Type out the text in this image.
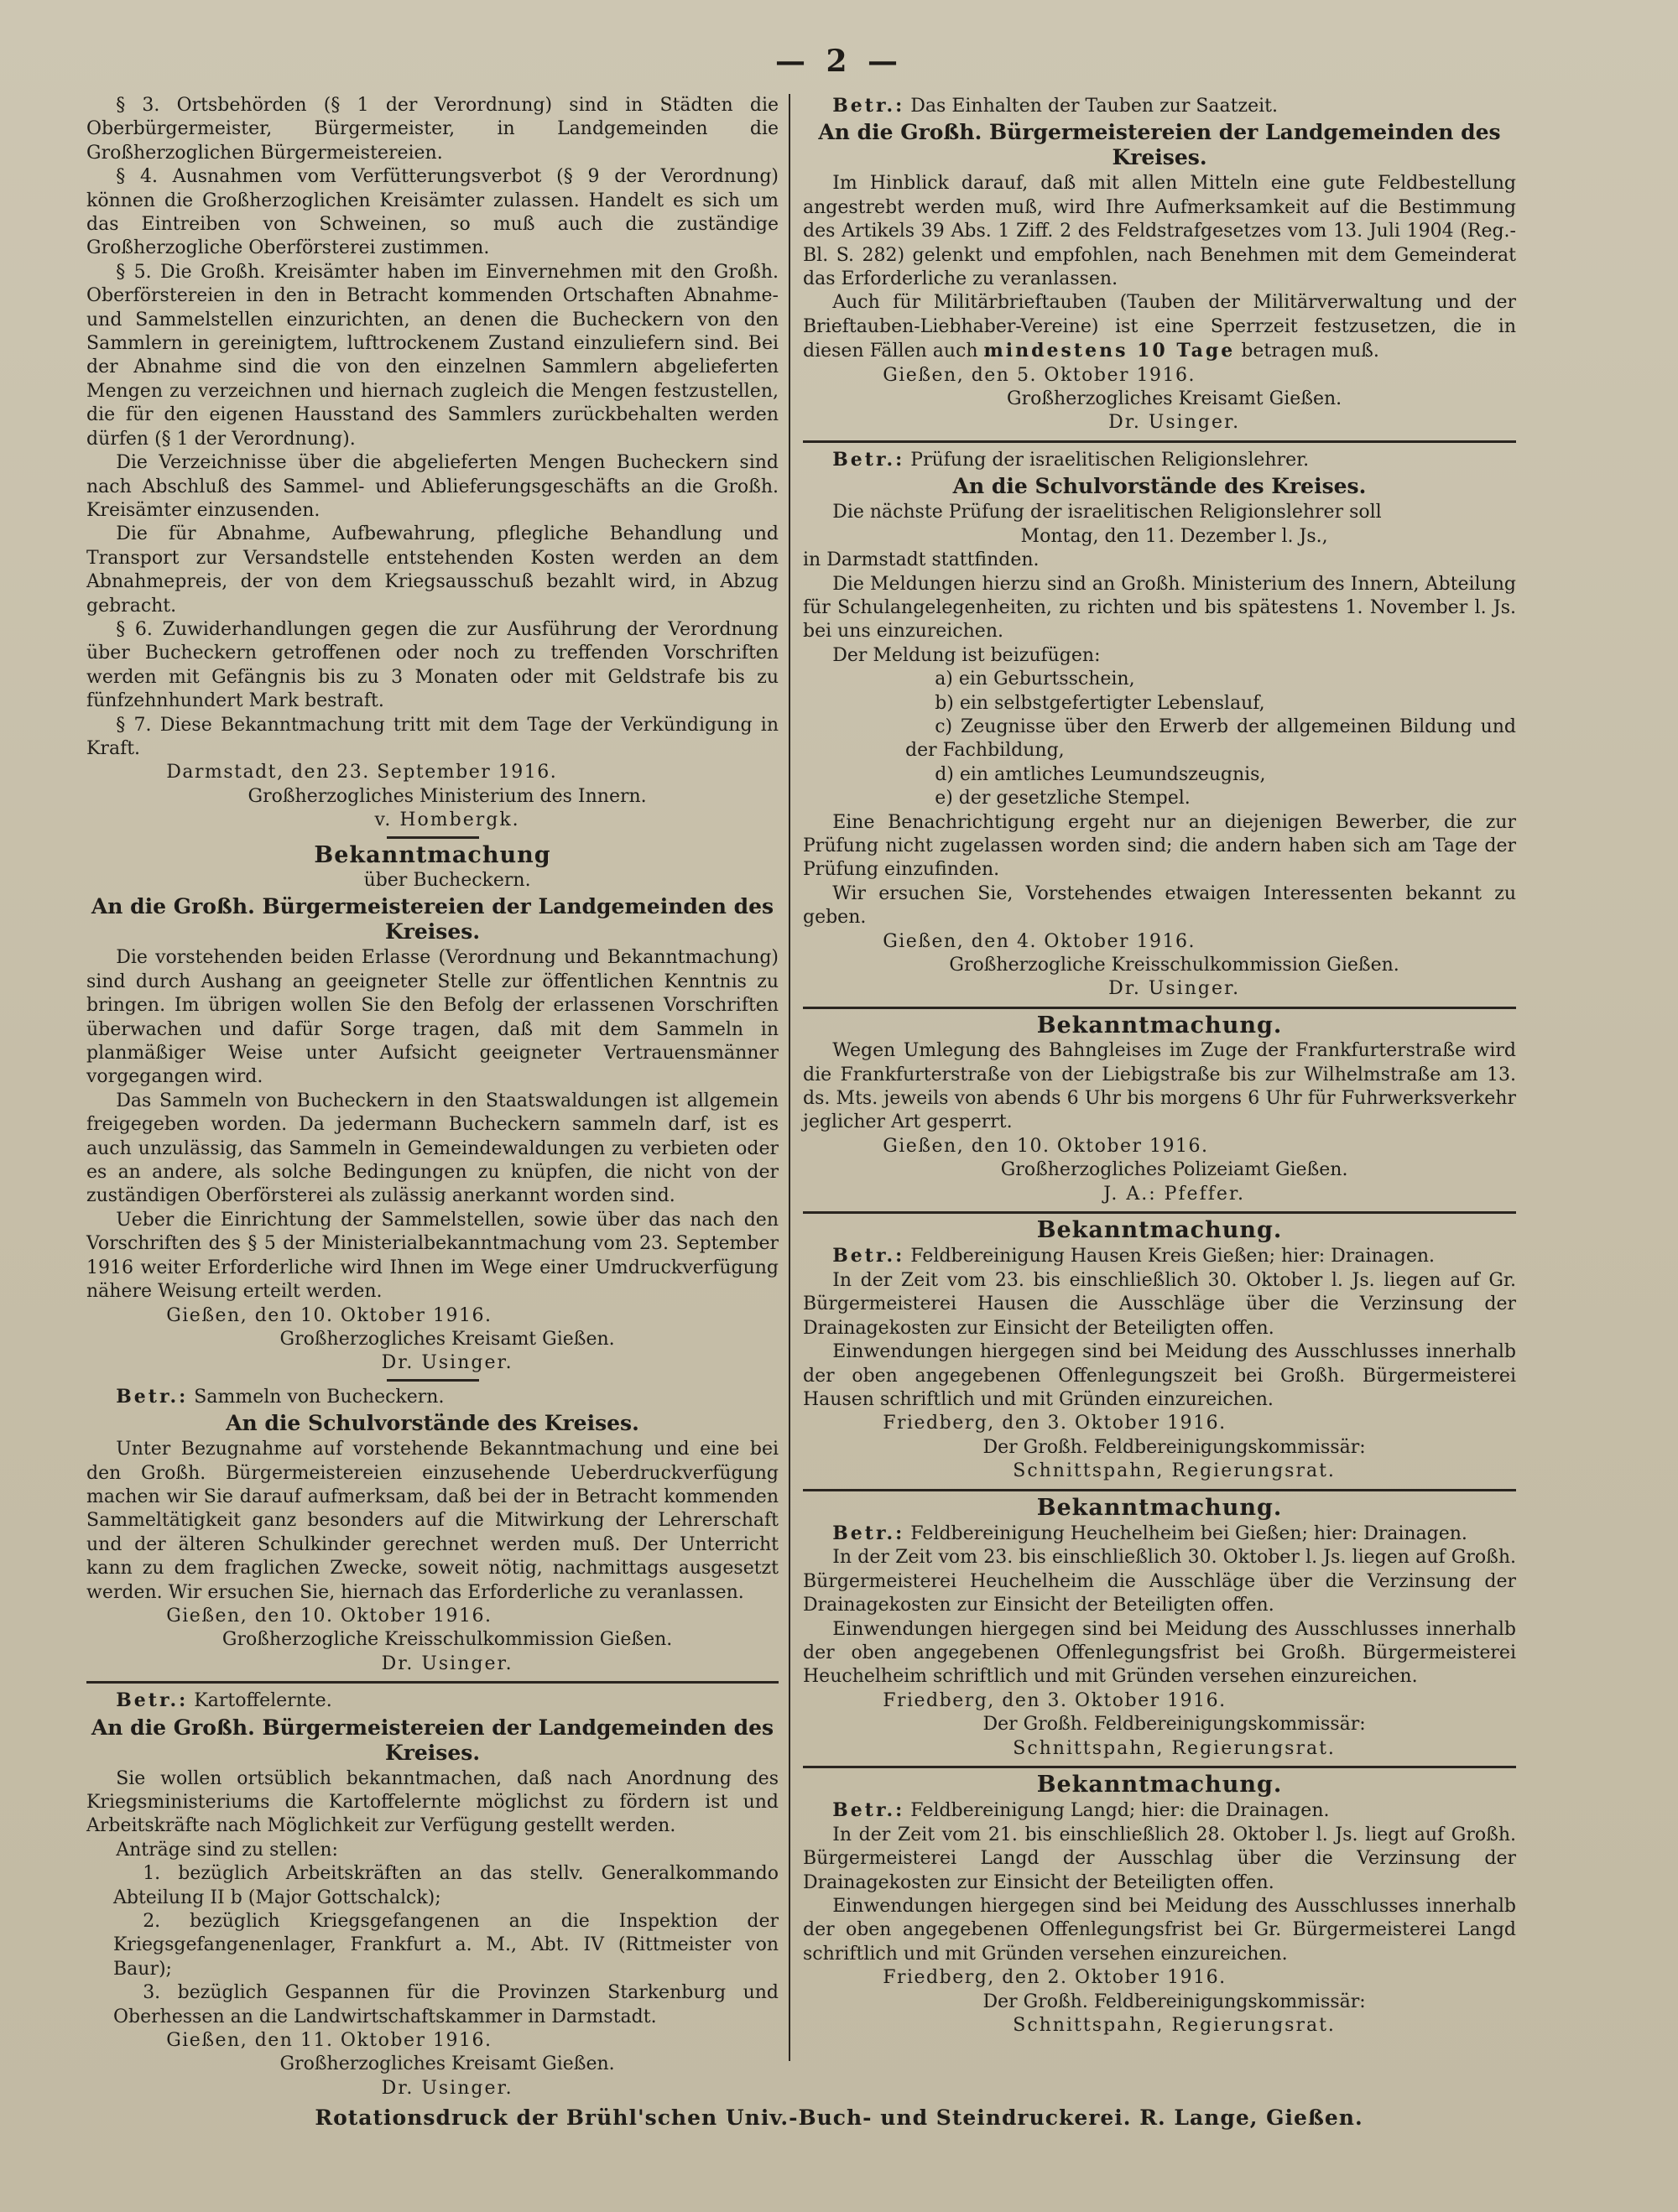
— 2 —

§ 3. Ortsbehörden (§ 1 der Verordnung) sind in Städten die Oberbürgermeister, Bürgermeister, in Landgemeinden die Großherzoglichen Bürgermeistereien.

§ 4. Ausnahmen vom Verfütterungsverbot (§ 9 der Verordnung) können die Großherzoglichen Kreisämter zulassen. Handelt es sich um das Eintreiben von Schweinen, so muß auch die zuständige Großherzogliche Oberförsterei zustimmen.

§ 5. Die Großh. Kreisämter haben im Einvernehmen mit den Großh. Oberförstereien in den in Betracht kommenden Ortschaften Abnahme- und Sammelstellen einzurichten, an denen die Bucheckern von den Sammlern in gereinigtem, lufttrockenem Zustand einzuliefern sind. Bei der Abnahme sind die von den einzelnen Sammlern abgelieferten Mengen zu verzeichnen und hiernach zugleich die Mengen festzustellen, die für den eigenen Hausstand des Sammlers zurückbehalten werden dürfen (§ 1 der Verordnung).

Die Verzeichnisse über die abgelieferten Mengen Bucheckern sind nach Abschluß des Sammel- und Ablieferungsgeschäfts an die Großh. Kreisämter einzusenden.

Die für Abnahme, Aufbewahrung, pflegliche Behandlung und Transport zur Versandstelle entstehenden Kosten werden an dem Abnahmepreis, der von dem Kriegsausschuß bezahlt wird, in Abzug gebracht.

§ 6. Zuwiderhandlungen gegen die zur Ausführung der Verordnung über Bucheckern getroffenen oder noch zu treffenden Vorschriften werden mit Gefängnis bis zu 3 Monaten oder mit Geldstrafe bis zu fünfzehnhundert Mark bestraft.

§ 7. Diese Bekanntmachung tritt mit dem Tage der Verkündigung in Kraft.

Darmstadt, den 23. September 1916.

Großherzogliches Ministerium des Innern.

v. Hombergk.

Bekanntmachung

über Bucheckern.

An die Großh. Bürgermeistereien der Landgemeinden des Kreises.

Die vorstehenden beiden Erlasse (Verordnung und Bekanntmachung) sind durch Aushang an geeigneter Stelle zur öffentlichen Kenntnis zu bringen. Im übrigen wollen Sie den Befolg der erlassenen Vorschriften überwachen und dafür Sorge tragen, daß mit dem Sammeln in planmäßiger Weise unter Aufsicht geeigneter Vertrauensmänner vorgegangen wird.

Das Sammeln von Bucheckern in den Staatswaldungen ist allgemein freigegeben worden. Da jedermann Bucheckern sammeln darf, ist es auch unzulässig, das Sammeln in Gemeindewaldungen zu verbieten oder es an andere, als solche Bedingungen zu knüpfen, die nicht von der zuständigen Oberförsterei als zulässig anerkannt worden sind.

Ueber die Einrichtung der Sammelstellen, sowie über das nach den Vorschriften des § 5 der Ministerialbekanntmachung vom 23. September 1916 weiter Erforderliche wird Ihnen im Wege einer Umdruckverfügung nähere Weisung erteilt werden.

Gießen, den 10. Oktober 1916.

Großherzogliches Kreisamt Gießen.

Dr. Usinger.

Betr.: Sammeln von Bucheckern.

An die Schulvorstände des Kreises.

Unter Bezugnahme auf vorstehende Bekanntmachung und eine bei den Großh. Bürgermeistereien einzusehende Ueberdruckverfügung machen wir Sie darauf aufmerksam, daß bei der in Betracht kommenden Sammeltätigkeit ganz besonders auf die Mitwirkung der Lehrerschaft und der älteren Schulkinder gerechnet werden muß. Der Unterricht kann zu dem fraglichen Zwecke, soweit nötig, nachmittags ausgesetzt werden. Wir ersuchen Sie, hiernach das Erforderliche zu veranlassen.

Gießen, den 10. Oktober 1916.

Großherzogliche Kreisschulkommission Gießen.

Dr. Usinger.

Betr.: Kartoffelernte.

An die Großh. Bürgermeistereien der Landgemeinden des Kreises.

Sie wollen ortsüblich bekanntmachen, daß nach Anordnung des Kriegsministeriums die Kartoffelernte möglichst zu fördern ist und Arbeitskräfte nach Möglichkeit zur Verfügung gestellt werden.

Anträge sind zu stellen:

1. bezüglich Arbeitskräften an das stellv. Generalkommando Abteilung II b (Major Gottschalck);

2. bezüglich Kriegsgefangenen an die Inspektion der Kriegsgefangenenlager, Frankfurt a. M., Abt. IV (Rittmeister von Baur);

3. bezüglich Gespannen für die Provinzen Starkenburg und Oberhessen an die Landwirtschaftskammer in Darmstadt.

Gießen, den 11. Oktober 1916.

Großherzogliches Kreisamt Gießen.

Dr. Usinger.

Betr.: Das Einhalten der Tauben zur Saatzeit.

An die Großh. Bürgermeistereien der Landgemeinden des Kreises.

Im Hinblick darauf, daß mit allen Mitteln eine gute Feldbestellung angestrebt werden muß, wird Ihre Aufmerksamkeit auf die Bestimmung des Artikels 39 Abs. 1 Ziff. 2 des Feldstrafgesetzes vom 13. Juli 1904 (Reg.-Bl. S. 282) gelenkt und empfohlen, nach Benehmen mit dem Gemeinderat das Erforderliche zu veranlassen.

Auch für Militärbrieftauben (Tauben der Militärverwaltung und der Brieftauben-Liebhaber-Vereine) ist eine Sperrzeit festzusetzen, die in diesen Fällen auch mindestens 10 Tage betragen muß.

Gießen, den 5. Oktober 1916.

Großherzogliches Kreisamt Gießen.

Dr. Usinger.

Betr.: Prüfung der israelitischen Religionslehrer.

An die Schulvorstände des Kreises.

Die nächste Prüfung der israelitischen Religionslehrer soll

Montag, den 11. Dezember l. Js.,

in Darmstadt stattfinden.

Die Meldungen hierzu sind an Großh. Ministerium des Innern, Abteilung für Schulangelegenheiten, zu richten und bis spätestens 1. November l. Js. bei uns einzureichen.

Der Meldung ist beizufügen:

a) ein Geburtsschein,

b) ein selbstgefertigter Lebenslauf,

c) Zeugnisse über den Erwerb der allgemeinen Bildung und der Fachbildung,

d) ein amtliches Leumundszeugnis,

e) der gesetzliche Stempel.

Eine Benachrichtigung ergeht nur an diejenigen Bewerber, die zur Prüfung nicht zugelassen worden sind; die andern haben sich am Tage der Prüfung einzufinden.

Wir ersuchen Sie, Vorstehendes etwaigen Interessenten bekannt zu geben.

Gießen, den 4. Oktober 1916.

Großherzogliche Kreisschulkommission Gießen.

Dr. Usinger.

Bekanntmachung.

Wegen Umlegung des Bahngleises im Zuge der Frankfurterstraße wird die Frankfurterstraße von der Liebigstraße bis zur Wilhelmstraße am 13. ds. Mts. jeweils von abends 6 Uhr bis morgens 6 Uhr für Fuhrwerksverkehr jeglicher Art gesperrt.

Gießen, den 10. Oktober 1916.

Großherzogliches Polizeiamt Gießen.

J. A.: Pfeffer.

Bekanntmachung.

Betr.: Feldbereinigung Hausen Kreis Gießen; hier: Drainagen.

In der Zeit vom 23. bis einschließlich 30. Oktober l. Js. liegen auf Gr. Bürgermeisterei Hausen die Ausschläge über die Verzinsung der Drainagekosten zur Einsicht der Beteiligten offen.

Einwendungen hiergegen sind bei Meidung des Ausschlusses innerhalb der oben angegebenen Offenlegungszeit bei Großh. Bürgermeisterei Hausen schriftlich und mit Gründen einzureichen.

Friedberg, den 3. Oktober 1916.

Der Großh. Feldbereinigungskommissär:

Schnittspahn, Regierungsrat.

Bekanntmachung.

Betr.: Feldbereinigung Heuchelheim bei Gießen; hier: Drainagen.

In der Zeit vom 23. bis einschließlich 30. Oktober l. Js. liegen auf Großh. Bürgermeisterei Heuchelheim die Ausschläge über die Verzinsung der Drainagekosten zur Einsicht der Beteiligten offen.

Einwendungen hiergegen sind bei Meidung des Ausschlusses innerhalb der oben angegebenen Offenlegungsfrist bei Großh. Bürgermeisterei Heuchelheim schriftlich und mit Gründen versehen einzureichen.

Friedberg, den 3. Oktober 1916.

Der Großh. Feldbereinigungskommissär:

Schnittspahn, Regierungsrat.

Bekanntmachung.

Betr.: Feldbereinigung Langd; hier: die Drainagen.

In der Zeit vom 21. bis einschließlich 28. Oktober l. Js. liegt auf Großh. Bürgermeisterei Langd der Ausschlag über die Verzinsung der Drainagekosten zur Einsicht der Beteiligten offen.

Einwendungen hiergegen sind bei Meidung des Ausschlusses innerhalb der oben angegebenen Offenlegungsfrist bei Gr. Bürgermeisterei Langd schriftlich und mit Gründen versehen einzureichen.

Friedberg, den 2. Oktober 1916.

Der Großh. Feldbereinigungskommissär:

Schnittspahn, Regierungsrat.

Rotationsdruck der Brühl'schen Univ.-Buch- und Steindruckerei. R. Lange, Gießen.
